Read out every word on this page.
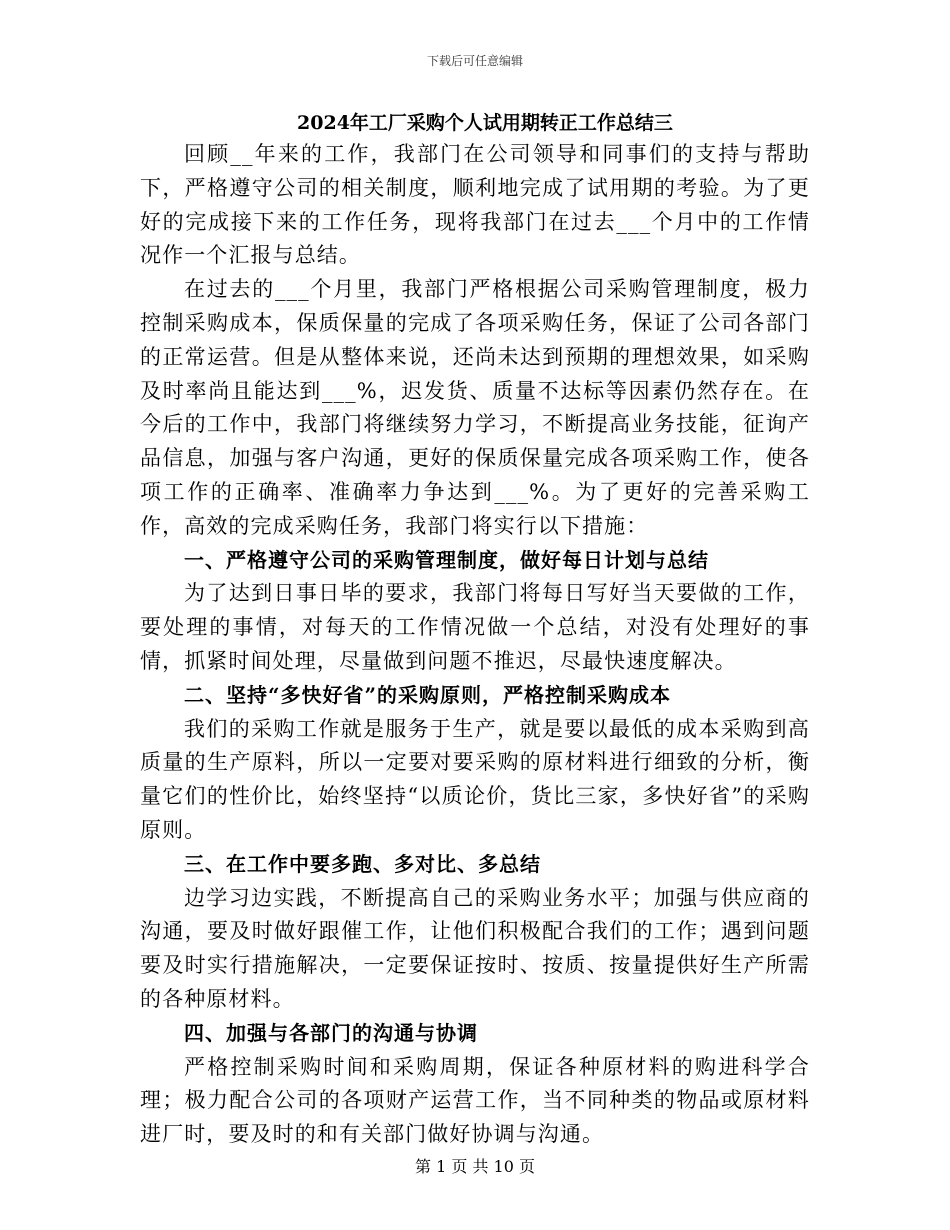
下载后可任意编辑
2024年工厂采购个人试用期转正工作总结三

回顾__年来的工作，我部门在公司领导和同事们的支持与帮助下，严格遵守公司的相关制度，顺利地完成了试用期的考验。为了更好的完成接下来的工作任务，现将我部门在过去___个月中的工作情况作一个汇报与总结。

在过去的___个月里，我部门严格根据公司采购管理制度，极力控制采购成本，保质保量的完成了各项采购任务，保证了公司各部门的正常运营。但是从整体来说，还尚未达到预期的理想效果，如采购及时率尚且能达到___%，迟发货、质量不达标等因素仍然存在。在今后的工作中，我部门将继续努力学习，不断提高业务技能，征询产品信息，加强与客户沟通，更好的保质保量完成各项采购工作，使各项工作的正确率、准确率力争达到___%。为了更好的完善采购工作，高效的完成采购任务，我部门将实行以下措施：

一、严格遵守公司的采购管理制度，做好每日计划与总结

为了达到日事日毕的要求，我部门将每日写好当天要做的工作，要处理的事情，对每天的工作情况做一个总结，对没有处理好的事情，抓紧时间处理，尽量做到问题不推迟，尽最快速度解决。

二、坚持“多快好省”的采购原则，严格控制采购成本

我们的采购工作就是服务于生产，就是要以最低的成本采购到高质量的生产原料，所以一定要对要采购的原材料进行细致的分析，衡量它们的性价比，始终坚持“以质论价，货比三家，多快好省”的采购原则。

三、在工作中要多跑、多对比、多总结

边学习边实践，不断提高自己的采购业务水平；加强与供应商的沟通，要及时做好跟催工作，让他们积极配合我们的工作；遇到问题要及时实行措施解决，一定要保证按时、按质、按量提供好生产所需的各种原材料。

四、加强与各部门的沟通与协调

严格控制采购时间和采购周期，保证各种原材料的购进科学合理；极力配合公司的各项财产运营工作，当不同种类的物品或原材料进厂时，要及时的和有关部门做好协调与沟通。

第 1 页 共 10 页
